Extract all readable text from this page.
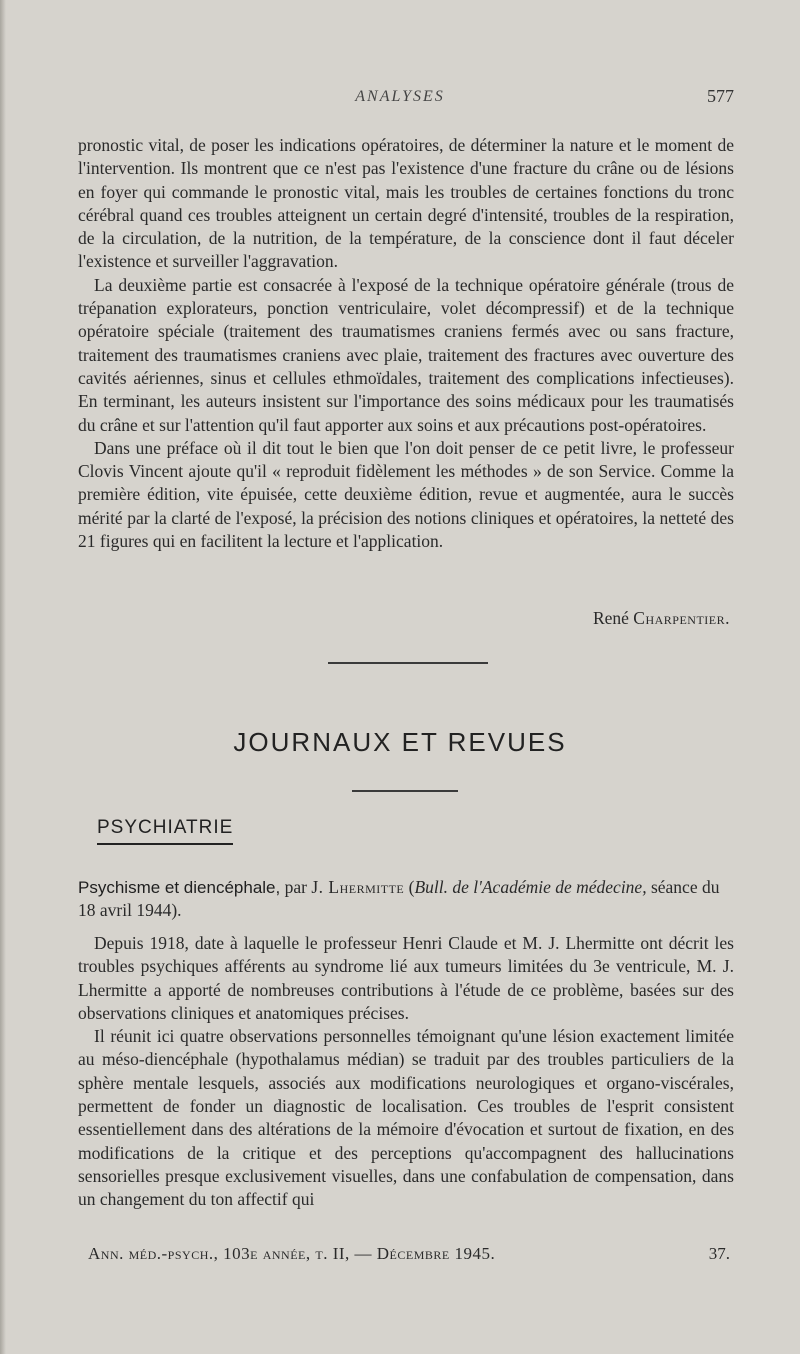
ANALYSES	577

pronostic vital, de poser les indications opératoires, de déterminer la nature et le moment de l'intervention. Ils montrent que ce n'est pas l'existence d'une fracture du crâne ou de lésions en foyer qui commande le pronostic vital, mais les troubles de certaines fonctions du tronc cérébral quand ces troubles atteignent un certain degré d'intensité, troubles de la respiration, de la circulation, de la nutrition, de la température, de la conscience dont il faut déceler l'existence et surveiller l'aggravation.

La deuxième partie est consacrée à l'exposé de la technique opératoire générale (trous de trépanation explorateurs, ponction ventriculaire, volet décompressif) et de la technique opératoire spéciale (traitement des traumatismes craniens fermés avec ou sans fracture, traitement des traumatismes craniens avec plaie, traitement des fractures avec ouverture des cavités aériennes, sinus et cellules ethmoïdales, traitement des complications infectieuses). En terminant, les auteurs insistent sur l'importance des soins médicaux pour les traumatisés du crâne et sur l'attention qu'il faut apporter aux soins et aux précautions post-opératoires.

Dans une préface où il dit tout le bien que l'on doit penser de ce petit livre, le professeur Clovis Vincent ajoute qu'il « reproduit fidèlement les méthodes » de son Service. Comme la première édition, vite épuisée, cette deuxième édition, revue et augmentée, aura le succès mérité par la clarté de l'exposé, la précision des notions cliniques et opératoires, la netteté des 21 figures qui en facilitent la lecture et l'application.

René Charpentier.
JOURNAUX ET REVUES
PSYCHIATRIE
Psychisme et diencéphale, par J. Lhermitte (Bull. de l'Académie de médecine, séance du 18 avril 1944).

Depuis 1918, date à laquelle le professeur Henri Claude et M. J. Lhermitte ont décrit les troubles psychiques afférents au syndrome lié aux tumeurs limitées du 3e ventricule, M. J. Lhermitte a apporté de nombreuses contributions à l'étude de ce problème, basées sur des observations cliniques et anatomiques précises.

Il réunit ici quatre observations personnelles témoignant qu'une lésion exactement limitée au méso-diencéphale (hypothalamus médian) se traduit par des troubles particuliers de la sphère mentale lesquels, associés aux modifications neurologiques et organo-viscérales, permettent de fonder un diagnostic de localisation. Ces troubles de l'esprit consistent essentiellement dans des altérations de la mémoire d'évocation et surtout de fixation, en des modifications de la critique et des perceptions qu'accompagnent des hallucinations sensorielles presque exclusivement visuelles, dans une confabulation de compensation, dans un changement du ton affectif qui

Ann. méd.-psych., 103e année, t. II, — Décembre 1945.	37.
